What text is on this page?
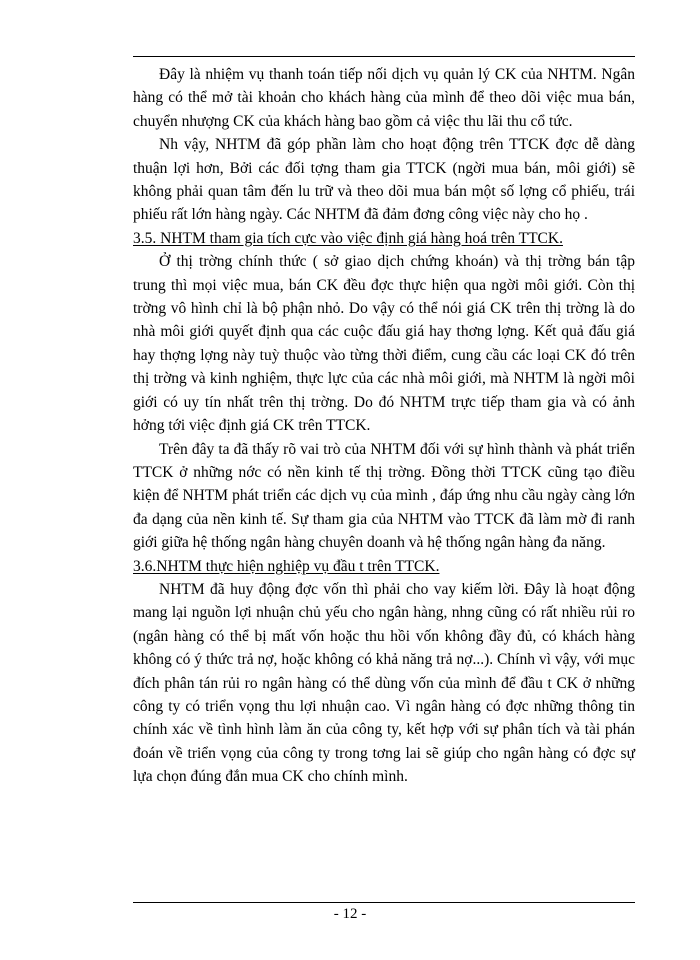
Đây là nhiệm vụ thanh toán tiếp nối dịch vụ quản lý CK của NHTM. Ngân hàng có thể mở tài khoản cho khách hàng của mình để theo dõi việc mua bán, chuyển nhượng CK của khách hàng bao gồm cả việc thu lãi thu cổ tức.

Nh vậy, NHTM đã góp phần làm cho hoạt động trên TTCK đợc dễ dàng thuận lợi hơn, Bởi các đối tợng tham gia TTCK (ngời mua bán, môi giới) sẽ không phải quan tâm đến lu trữ và theo dõi mua bán một số lợng cổ phiếu, trái phiếu rất lớn hàng ngày. Các NHTM đã đảm đơng công việc này cho họ .

3.5. NHTM tham gia tích cực vào việc định giá hàng hoá trên TTCK.

Ở thị trờng chính thức ( sở giao dịch chứng khoán) và thị trờng bán tập trung thì mọi việc mua, bán CK đều đợc thực hiện qua ngời môi giới. Còn thị trờng vô hình chỉ là bộ phận nhỏ. Do vậy có thể nói giá CK trên thị trờng là do nhà môi giới quyết định qua các cuộc đấu giá hay thơng lợng. Kết quả đấu giá hay thợng lợng này tuỳ thuộc vào từng thời điểm, cung cầu các loại CK đó trên thị trờng và kinh nghiệm, thực lực của các nhà môi giới, mà NHTM là ngời môi giới có uy tín nhất trên thị trờng. Do đó NHTM trực tiếp tham gia và có ảnh hởng tới việc định giá CK trên TTCK.

Trên đây ta đã thấy rõ vai trò của NHTM đối với sự hình thành và phát triển TTCK ở những nớc có nền kinh tế thị trờng. Đồng thời TTCK cũng tạo điều kiện để NHTM phát triển các dịch vụ của mình , đáp ứng nhu cầu ngày càng lớn đa dạng của nền kinh tế. Sự tham gia của NHTM vào TTCK đã làm mờ đi ranh giới giữa hệ thống ngân hàng chuyên doanh và hệ thống ngân hàng đa năng.

3.6.NHTM thực hiện nghiệp vụ đầu t trên TTCK.

NHTM đã huy động đợc vốn thì phải cho vay kiếm lời. Đây là hoạt động mang lại nguồn lợi nhuận chủ yếu cho ngân hàng, nhng cũng có rất nhiều rủi ro (ngân hàng có thể bị mất vốn hoặc thu hồi vốn không đầy đủ, có khách hàng không có ý thức trả nợ, hoặc không có khả năng trả nợ...). Chính vì vậy, với mục đích phân tán rủi ro ngân hàng có thể dùng vốn của mình để đầu t CK ở những công ty có triển vọng thu lợi nhuận cao. Vì ngân hàng có đợc những thông tin chính xác về tình hình làm ăn của công ty, kết hợp với sự phân tích và tài phán đoán về triển vọng của công ty trong tơng lai sẽ giúp cho ngân hàng có đợc sự lựa chọn đúng đắn mua CK cho chính mình.

- 12 -
